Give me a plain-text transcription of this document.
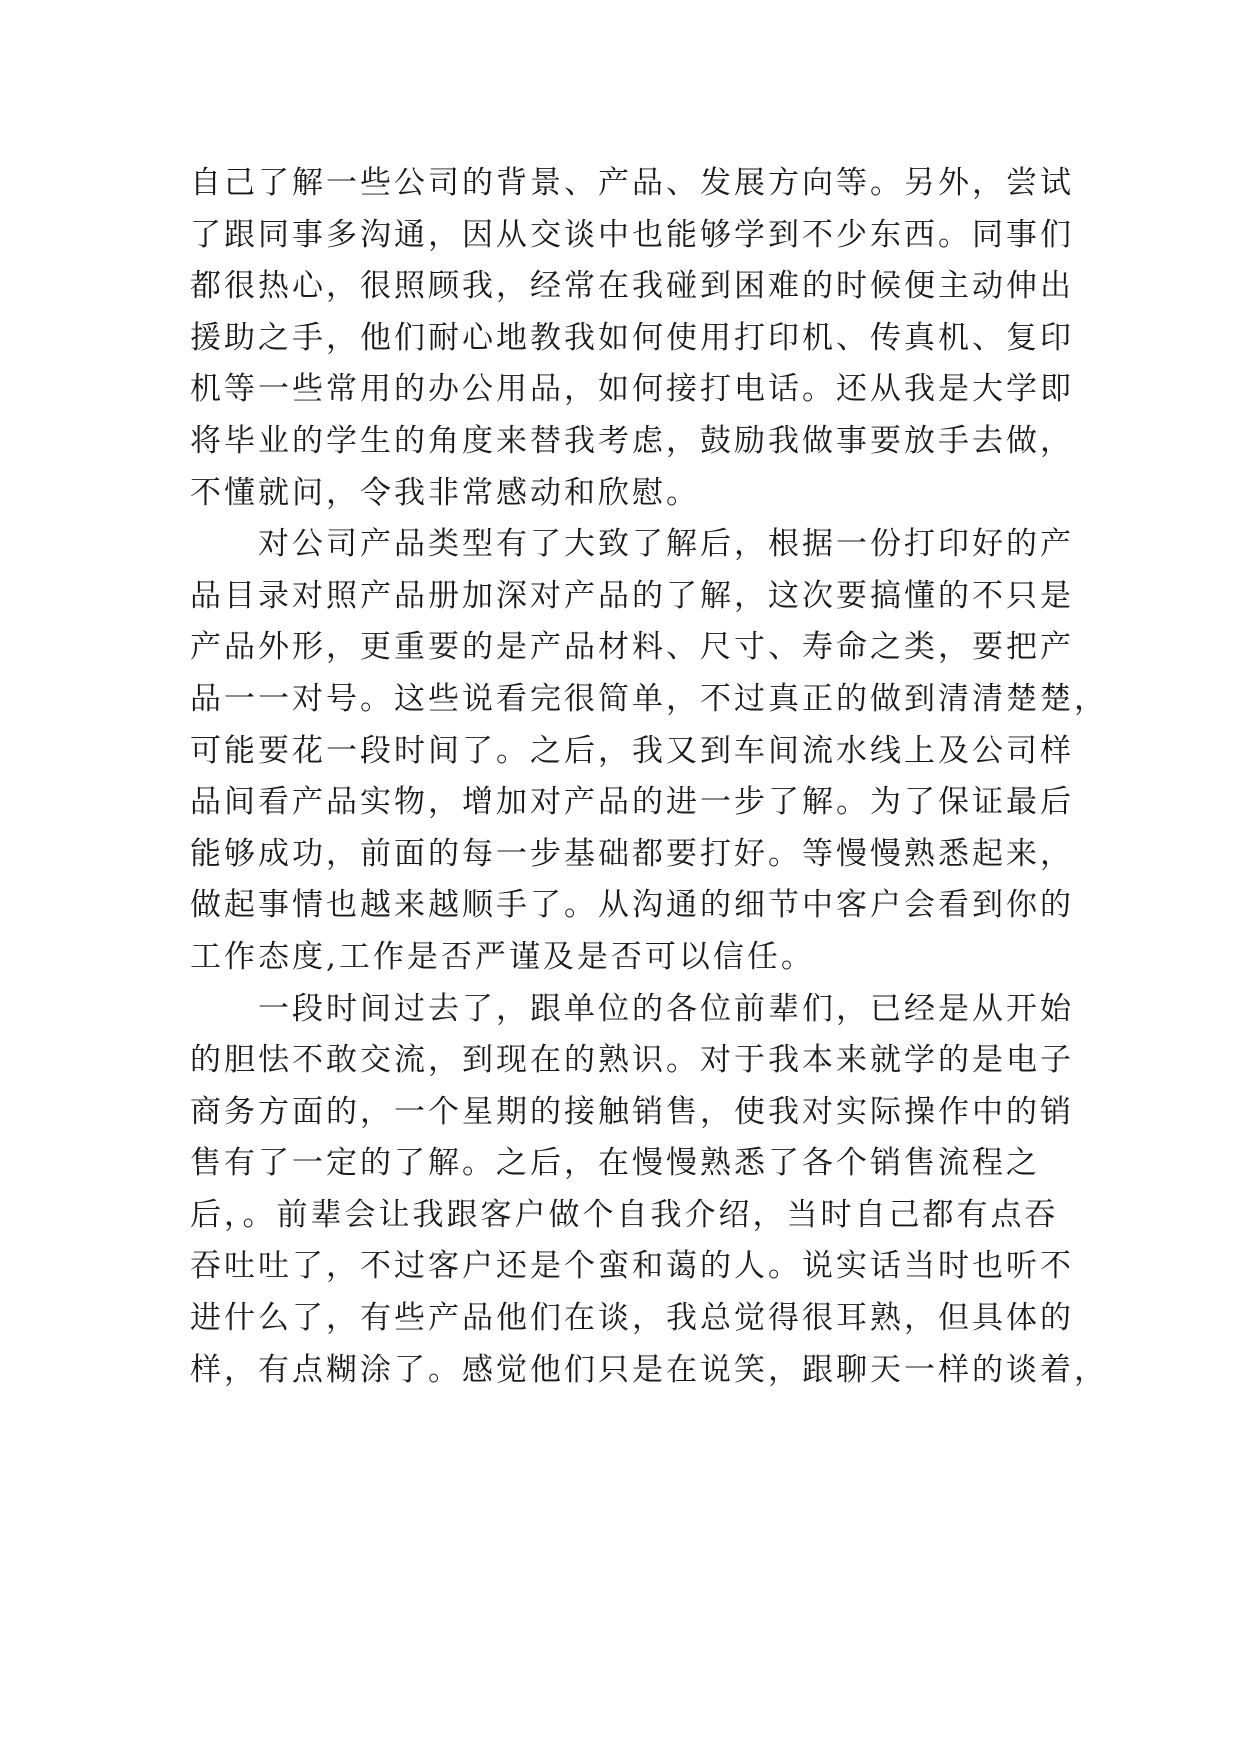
自己了解一些公司的背景、产品、发展方向等。另外，尝试
了跟同事多沟通，因从交谈中也能够学到不少东西。同事们
都很热心，很照顾我，经常在我碰到困难的时候便主动伸出
援助之手，他们耐心地教我如何使用打印机、传真机、复印
机等一些常用的办公用品，如何接打电话。还从我是大学即
将毕业的学生的角度来替我考虑，鼓励我做事要放手去做，
不懂就问，令我非常感动和欣慰。
　　对公司产品类型有了大致了解后，根据一份打印好的产
品目录对照产品册加深对产品的了解，这次要搞懂的不只是
产品外形，更重要的是产品材料、尺寸、寿命之类，要把产
品一一对号。这些说看完很简单，不过真正的做到清清楚楚，
可能要花一段时间了。之后，我又到车间流水线上及公司样
品间看产品实物，增加对产品的进一步了解。为了保证最后
能够成功，前面的每一步基础都要打好。等慢慢熟悉起来，
做起事情也越来越顺手了。从沟通的细节中客户会看到你的
工作态度,工作是否严谨及是否可以信任。
　　一段时间过去了，跟单位的各位前辈们，已经是从开始
的胆怯不敢交流，到现在的熟识。对于我本来就学的是电子
商务方面的，一个星期的接触销售，使我对实际操作中的销
售有了一定的了解。之后，在慢慢熟悉了各个销售流程之
后，。前辈会让我跟客户做个自我介绍，当时自己都有点吞
吞吐吐了，不过客户还是个蛮和蔼的人。说实话当时也听不
进什么了，有些产品他们在谈，我总觉得很耳熟，但具体的
样，有点糊涂了。感觉他们只是在说笑，跟聊天一样的谈着，
